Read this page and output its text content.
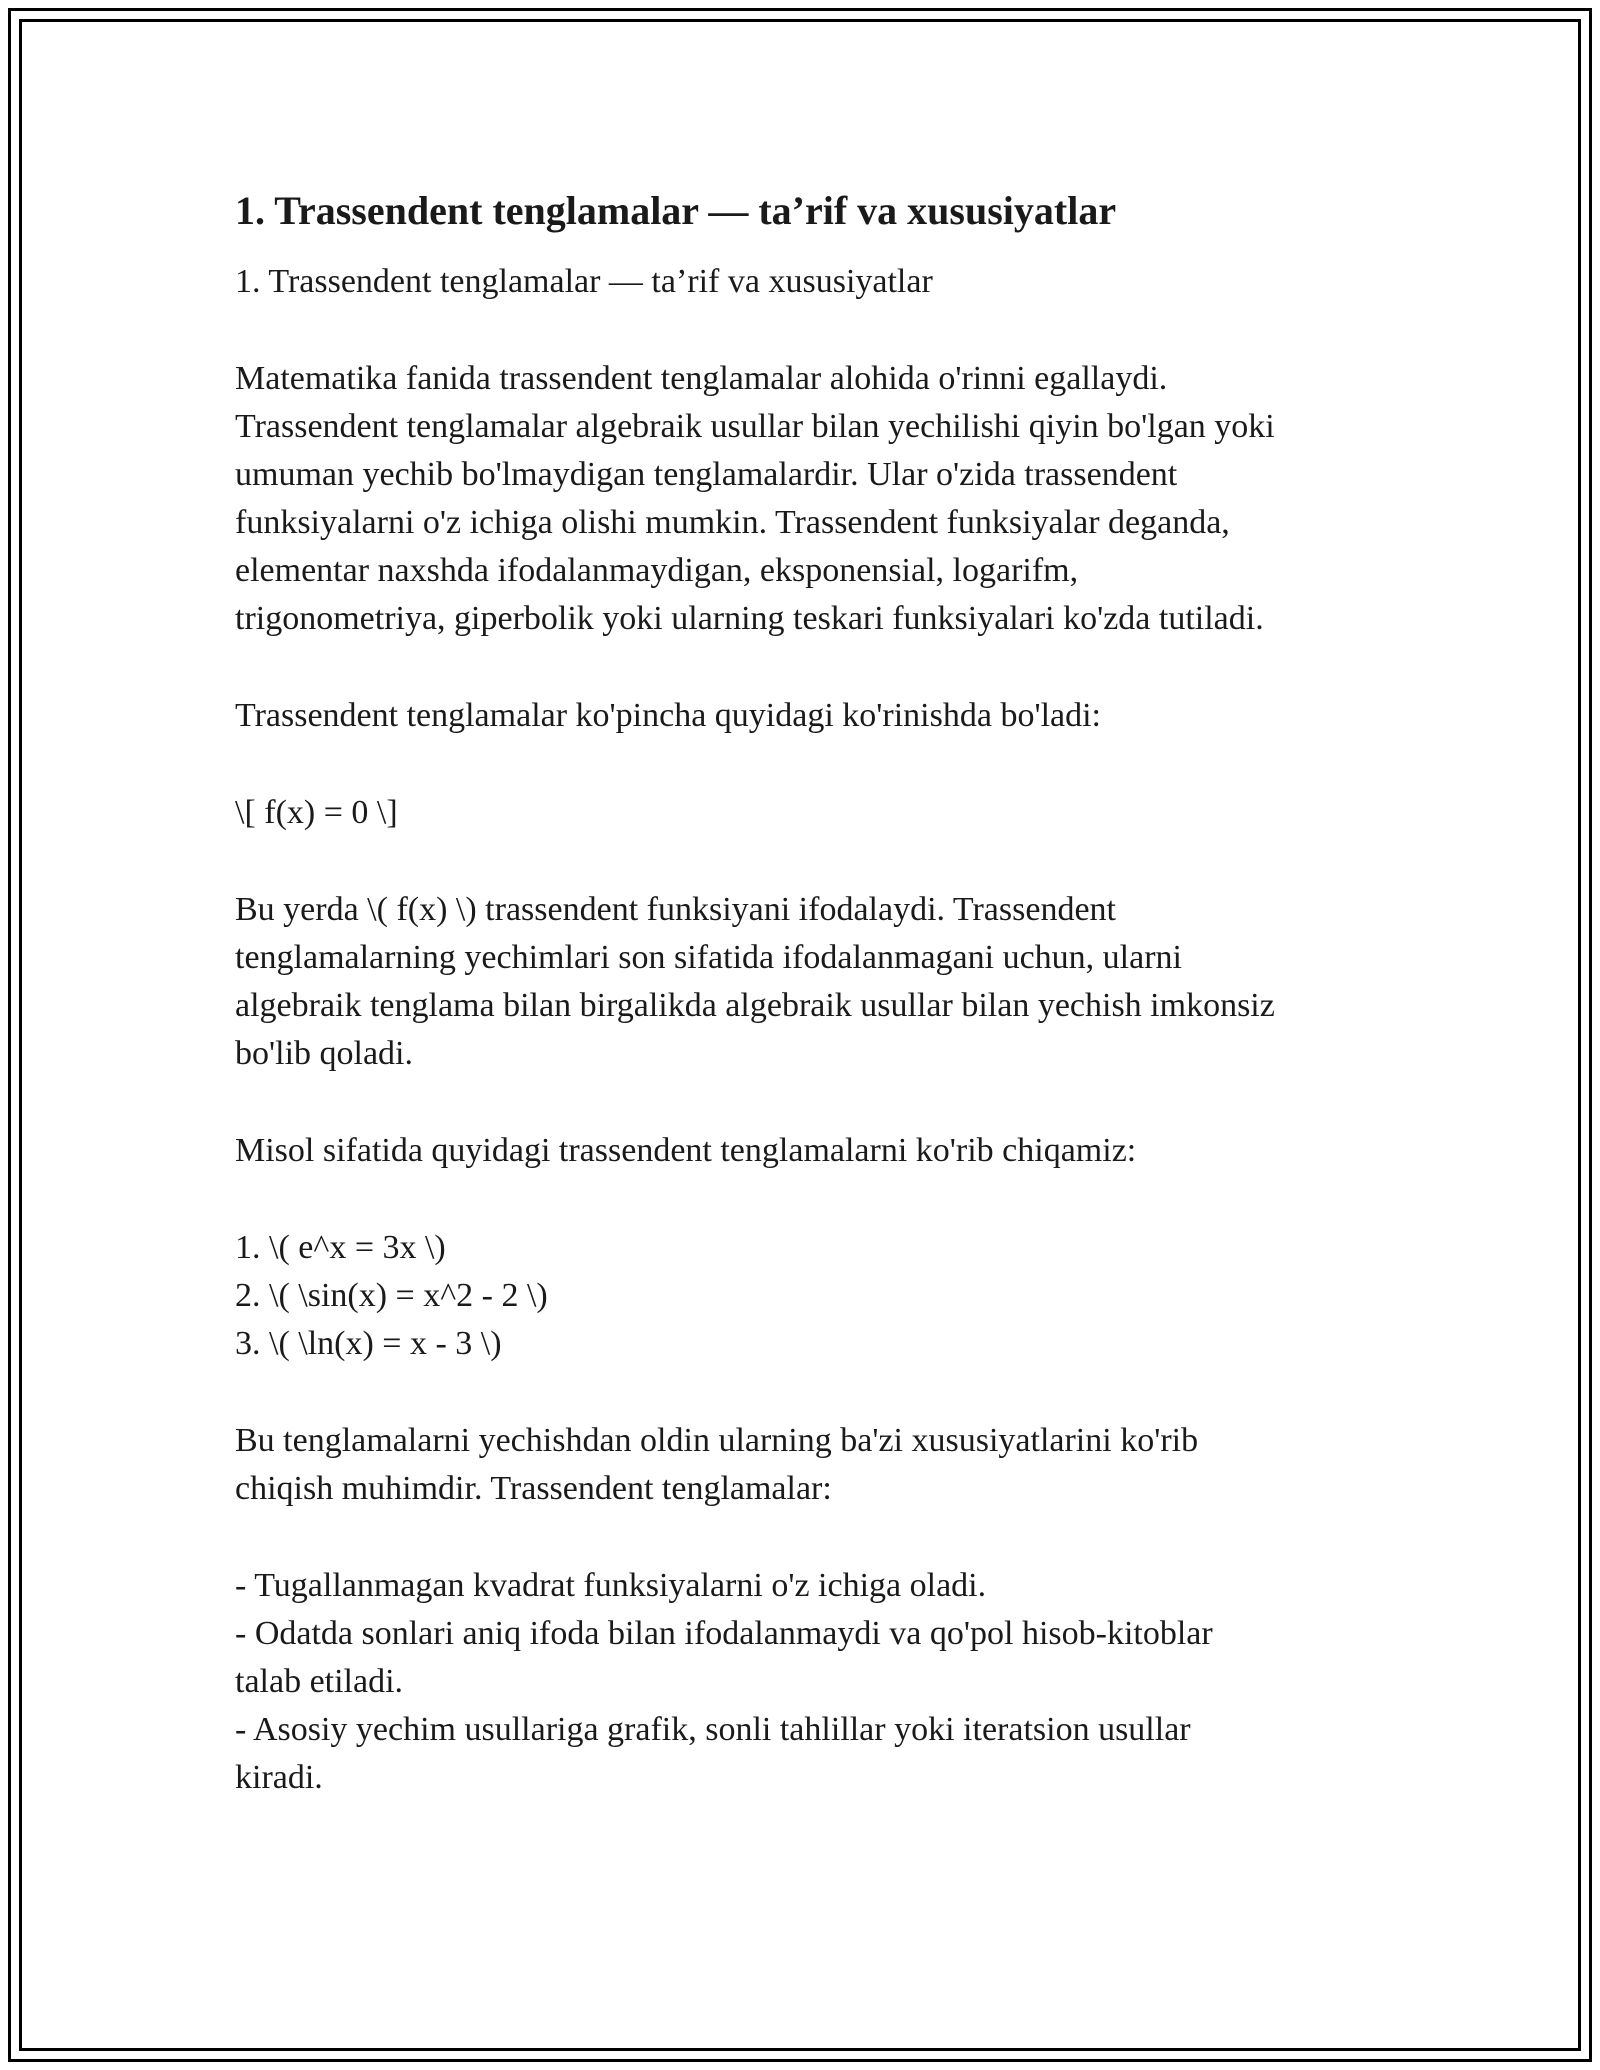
1. Trassendent tenglamalar — ta’rif va xususiyatlar

1. Trassendent tenglamalar — ta’rif va xususiyatlar

Matematika fanida trassendent tenglamalar alohida o'rinni egallaydi.

Trassendent tenglamalar algebraik usullar bilan yechilishi qiyin bo'lgan yoki

umuman yechib bo'lmaydigan tenglamalardir. Ular o'zida trassendent

funksiyalarni o'z ichiga olishi mumkin. Trassendent funksiyalar deganda,

elementar naxshda ifodalanmaydigan, eksponensial, logarifm,

trigonometriya, giperbolik yoki ularning teskari funksiyalari ko'zda tutiladi.

Trassendent tenglamalar ko'pincha quyidagi ko'rinishda bo'ladi:

\[ f(x) = 0 \]

Bu yerda \( f(x) \) trassendent funksiyani ifodalaydi. Trassendent

tenglamalarning yechimlari son sifatida ifodalanmagani uchun, ularni

algebraik tenglama bilan birgalikda algebraik usullar bilan yechish imkonsiz

bo'lib qoladi.

Misol sifatida quyidagi trassendent tenglamalarni ko'rib chiqamiz:

1. \( e^x = 3x \)

2. \( \sin(x) = x^2 - 2 \)

3. \( \ln(x) = x - 3 \)

Bu tenglamalarni yechishdan oldin ularning ba'zi xususiyatlarini ko'rib

chiqish muhimdir. Trassendent tenglamalar:

- Tugallanmagan kvadrat funksiyalarni o'z ichiga oladi.

- Odatda sonlari aniq ifoda bilan ifodalanmaydi va qo'pol hisob-kitoblar

talab etiladi.

- Asosiy yechim usullariga grafik, sonli tahlillar yoki iteratsion usullar

kiradi.
